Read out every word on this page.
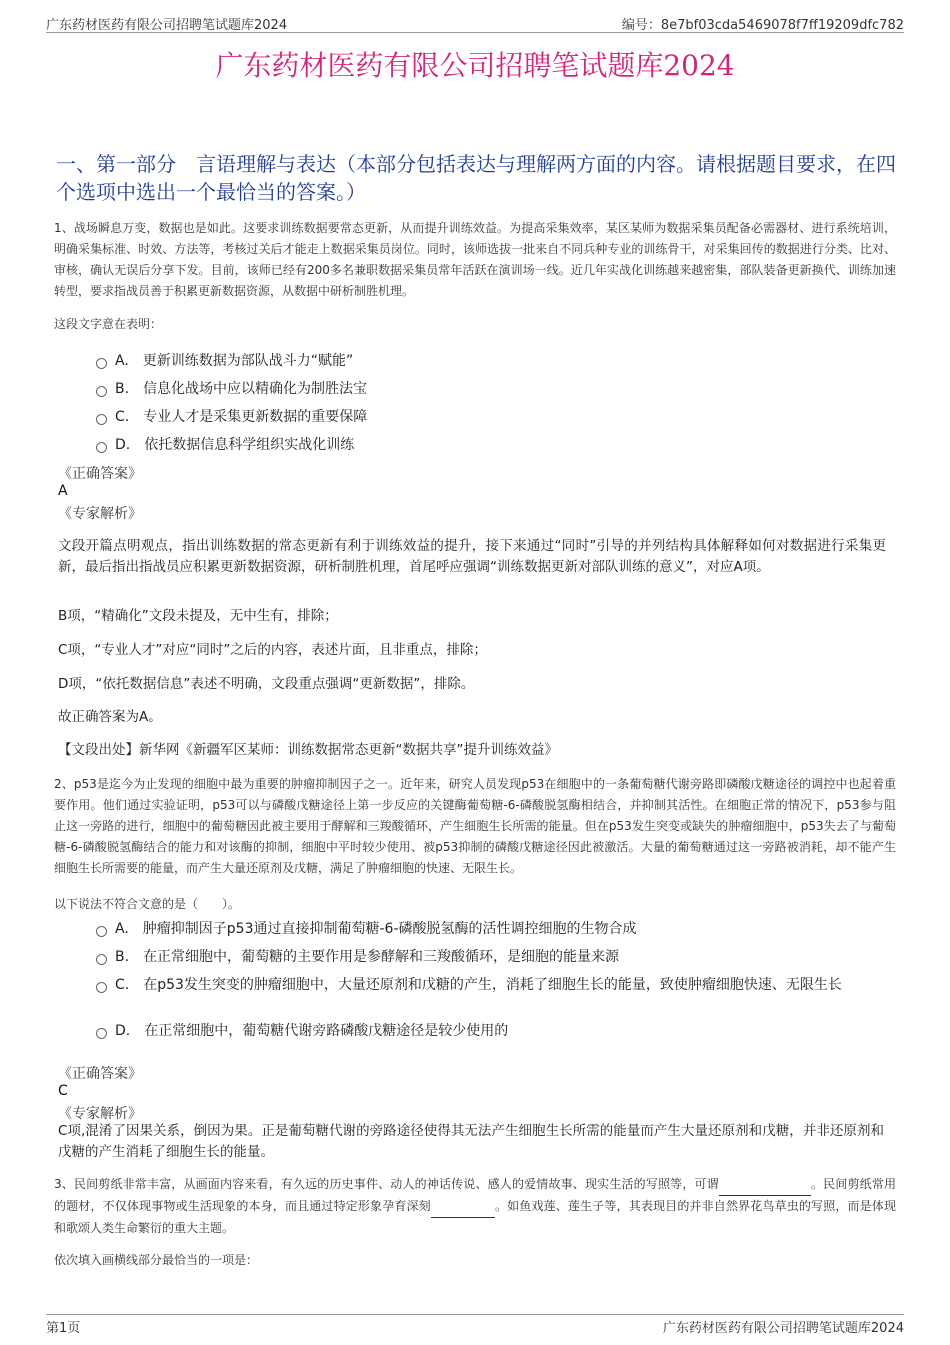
广东药材医药有限公司招聘笔试题库2024	编号：8e7bf03cda5469078f7ff19209dfc782
广东药材医药有限公司招聘笔试题库2024
一、第一部分　言语理解与表达（本部分包括表达与理解两方面的内容。请根据题目要求，在四个选项中选出一个最恰当的答案。）
1、战场瞬息万变，数据也是如此。这要求训练数据要常态更新，从而提升训练效益。为提高采集效率，某区某师为数据采集员配备必需器材、进行系统培训，明确采集标准、时效、方法等，考核过关后才能走上数据采集员岗位。同时，该师选拔一批来自不同兵种专业的训练骨干，对采集回传的数据进行分类、比对、审核，确认无误后分享下发。目前，该师已经有200多名兼职数据采集员常年活跃在演训场一线。近几年实战化训练越来越密集，部队装备更新换代、训练加速转型，要求指战员善于积累更新数据资源，从数据中研析制胜机理。
这段文字意在表明：
A. 更新训练数据为部队战斗力“赋能”
B. 信息化战场中应以精确化为制胜法宝
C. 专业人才是采集更新数据的重要保障
D. 依托数据信息科学组织实战化训练
《正确答案》
A
《专家解析》
文段开篇点明观点，指出训练数据的常态更新有利于训练效益的提升，接下来通过“同时”引导的并列结构具体解释如何对数据进行采集更新，最后指出指战员应积累更新数据资源，研析制胜机理，首尾呼应强调“训练数据更新对部队训练的意义”，对应A项。
B项，“精确化”文段未提及，无中生有，排除；
C项，“专业人才”对应“同时”之后的内容，表述片面，且非重点，排除；
D项，“依托数据信息”表述不明确，文段重点强调“更新数据”，排除。
故正确答案为A。
【文段出处】新华网《新疆军区某师：训练数据常态更新“数据共享”提升训练效益》
2、p53是迄今为止发现的细胞中最为重要的肿瘤抑制因子之一。近年来，研究人员发现p53在细胞中的一条葡萄糖代谢旁路即磷酸戊糖途径的调控中也起着重要作用。他们通过实验证明，p53可以与磷酸戊糖途径上第一步反应的关键酶葡萄糖-6-磷酸脱氢酶相结合，并抑制其活性。在细胞正常的情况下，p53参与阻止这一旁路的进行，细胞中的葡萄糖因此被主要用于酵解和三羧酸循环，产生细胞生长所需的能量。但在p53发生突变或缺失的肿瘤细胞中，p53失去了与葡萄糖-6-磷酸脱氢酶结合的能力和对该酶的抑制，细胞中平时较少使用、被p53抑制的磷酸戊糖途径因此被激活。大量的葡萄糖通过这一旁路被消耗，却不能产生细胞生长所需要的能量，而产生大量还原剂及戊糖，满足了肿瘤细胞的快速、无限生长。
以下说法不符合文意的是（　　）。
A. 肿瘤抑制因子p53通过直接抑制葡萄糖-6-磷酸脱氢酶的活性调控细胞的生物合成
B. 在正常细胞中，葡萄糖的主要作用是参酵解和三羧酸循环，是细胞的能量来源
C. 在p53发生突变的肿瘤细胞中，大量还原剂和戊糖的产生，消耗了细胞生长的能量，致使肿瘤细胞快速、无限生长
D. 在正常细胞中，葡萄糖代谢旁路磷酸戊糖途径是较少使用的
《正确答案》
C
《专家解析》
C项,混淆了因果关系，倒因为果。正是葡萄糖代谢的旁路途径使得其无法产生细胞生长所需的能量而产生大量还原剂和戊糖，并非还原剂和戊糖的产生消耗了细胞生长的能量。
3、民间剪纸非常丰富，从画面内容来看，有久远的历史事件、动人的神话传说、感人的爱情故事、现实生活的写照等，可谓	。民间剪纸常用的题材，不仅体现事物或生活现象的本身，而且通过特定形象孕育深刻	。如鱼戏莲、莲生子等，其表现目的并非自然界花鸟草虫的写照，而是体现和歌颂人类生命繁衍的重大主题。
依次填入画横线部分最恰当的一项是：
第1页	广东药材医药有限公司招聘笔试题库2024
